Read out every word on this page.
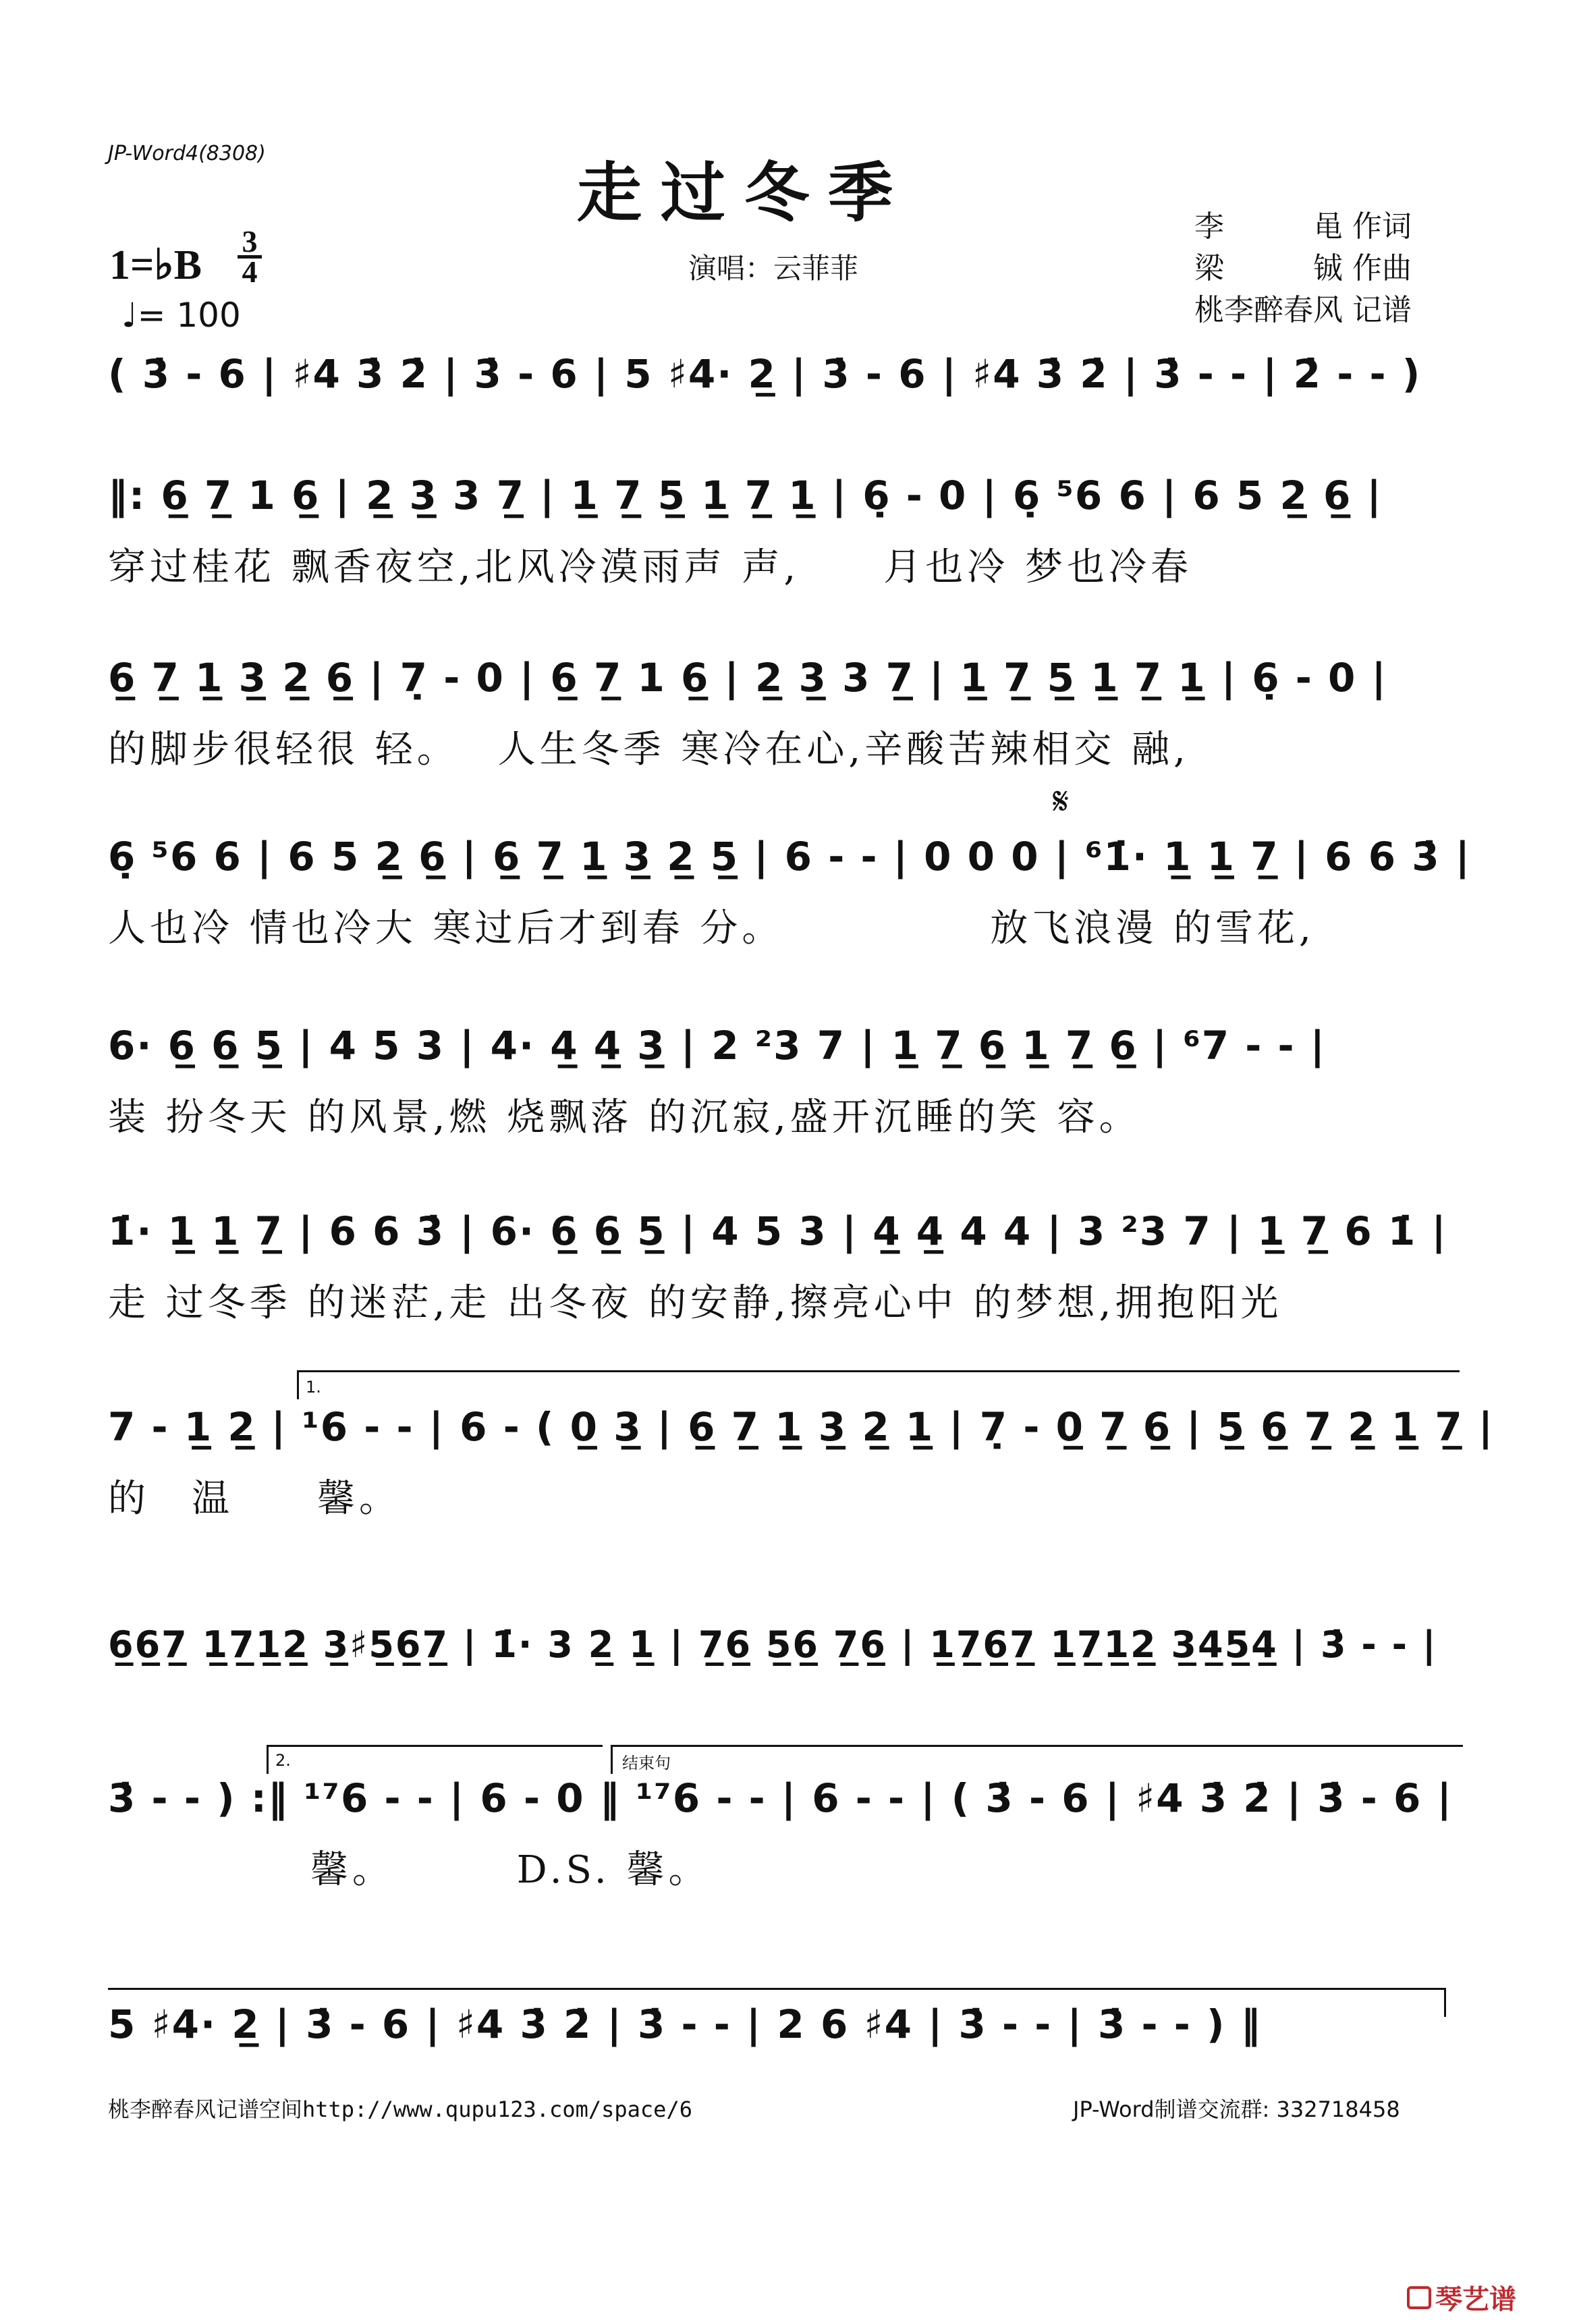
JP-Word4(8308)
走过冬季
演唱：云菲菲
李　　　黾 作词
梁　　　铖 作曲
桃李醉春风 记谱
1=♭B
3
4
♩= 100
( 3̇ - 6 | ♯4 3̇ 2̇ | 3̇ - 6 | 5 ♯4· 2̲ | 3̇ - 6 | ♯4 3̇ 2̇ | 3̇ - - | 2̇ - - )
‖: 6̲ 7̲ 1 6̲ | 2̲ 3̲ 3 7̲ | 1̲ 7̲ 5̲ 1̲ 7̲ 1̲ | 6̣ - 0 | 6̣ ⁵6 6 | 6 5 2̲ 6̲ |
穿过桂花 飘香夜空,北风冷漠雨声 声,　　月也冷 梦也冷春
6̲ 7̲ 1̲ 3̲ 2̲ 6̲ | 7̣ - 0 | 6̲ 7̲ 1 6̲ | 2̲ 3̲ 3 7̲ | 1̲ 7̲ 5̲ 1̲ 7̲ 1̲ | 6̣ - 0 |
的脚步很轻很 轻。　 人生冬季 寒冷在心,辛酸苦辣相交 融,
𝄋
6̣ ⁵6 6 | 6 5 2̲ 6̲ | 6̲ 7̲ 1̲ 3̲ 2̲ 5̲ | 6 - - | 0 0 0 | ⁶1̇· 1̲ 1̲ 7̲ | 6 6 3̇ |
人也冷 情也冷大 寒过后才到春 分。　　　　　 放飞浪漫 的雪花,
6· 6̲ 6̲ 5̲ | 4 5 3 | 4· 4̲ 4̲ 3̲ | 2 ²3 7 | 1̲ 7̲ 6̲ 1̲ 7̲ 6̲ | ⁶7 - - |
装 扮冬天 的风景,燃 烧飘落 的沉寂,盛开沉睡的笑 容。
1̇· 1̲ 1̲ 7̲ | 6 6 3̇ | 6· 6̲ 6̲ 5̲ | 4 5 3 | 4̲ 4̲ 4 4 | 3 ²3 7 | 1̲ 7̲ 6 1̇ |
走 过冬季 的迷茫,走 出冬夜 的安静,擦亮心中 的梦想,拥抱阳光
1.
7 - 1̲ 2̲ | ¹6 - - | 6 - ( 0̲ 3̲ | 6̲ 7̲ 1̲ 3̲ 2̲ 1̲ | 7̣ - 0̲ 7̲ 6̲ | 5̲ 6̲ 7̲ 2̲ 1̲ 7̲ |
的　温　　馨。
6̲6̲7̲ 1̲7̲1̲2̲ 3̲♯5̲6̲7̲ | 1̇· 3 2̲ 1̲ | 7̲6̲ 5̲6̲ 7̲6̲ | 1̲7̲6̲7̲ 1̲7̲1̲2̲ 3̲4̲5̲4̲ | 3̇ - - |
2.	结束句
3̇ - - ) :‖ ¹⁷6 - - | 6 - 0 ‖ ¹⁷6 - - | 6 - - | ( 3̇ - 6 | ♯4 3̇ 2̇ | 3̇ - 6 |
馨。　　　 D.S. 馨。
5 ♯4· 2̲ | 3̇ - 6 | ♯4 3̇ 2̇ | 3̇ - - | 2 6 ♯4 | 3̇ - - | 3̇ - - ) ‖
桃李醉春风记谱空间http://www.qupu123.com/space/6	JP-Word制谱交流群: 332718458
琴艺谱
